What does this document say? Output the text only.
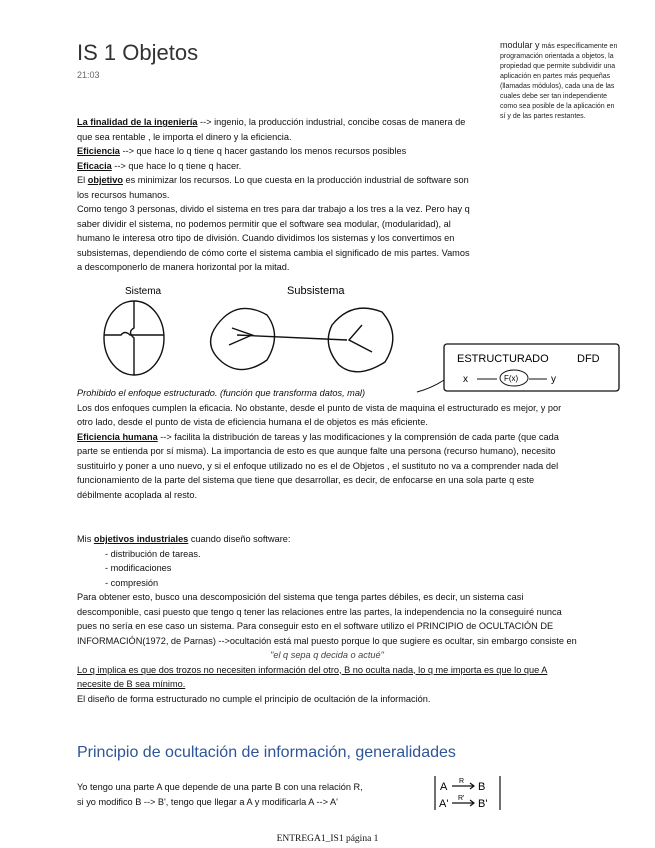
IS 1 Objetos
21:03
modular y más específicamente en programación orientada a objetos, la propiedad que permite subdividir una aplicación en partes más pequeñas (llamadas módulos), cada una de las cuales debe ser tan independiente como sea posible de la aplicación en sí y de las partes restantes.

La finalidad de la ingeniería --> ingenio, la producción industrial, concibe cosas de manera de que sea rentable , le importa el dinero y la eficiencia.

Eficiencia --> que hace lo q tiene q hacer gastando los menos recursos posibles

Eficacia --> que hace lo q tiene q hacer.

El objetivo es minimizar los recursos. Lo que cuesta en la producción industrial de software son los recursos humanos.

Como tengo 3 personas, divido el sistema en tres para dar trabajo a los tres a la vez. Pero hay q saber dividir el sistema, no podemos permitir que el software sea modular, (modularidad), al humano le interesa otro tipo de división. Cuando dividimos los sistemas y los convertimos en subsistemas, dependiendo de cómo corte el sistema cambia el significado de mis partes. Vamos a descomponerlo de manera horizontal por la mitad.

Sistema	Subsistema
ESTRUCTURADO	DFD
x	F(x)	y

Prohibido el enfoque estructurado. (función que transforma datos, mal)

Los dos enfoques cumplen la eficacia. No obstante, desde el punto de vista de maquina el estructurado es mejor, y por otro lado, desde el punto de vista de eficiencia humana el de objetos es más eficiente.

Eficiencia humana --> facilita la distribución de tareas y las modificaciones y la comprensión de cada parte (que cada parte se entienda por sí misma). La importancia de esto es que aunque falte una persona (recurso humano), necesito sustituirlo y poner a uno nuevo, y si el enfoque utilizado no es el de Objetos , el sustituto no va a comprender nada del funcionamiento de la parte del sistema que tiene que desarrollar, es decir, de enfocarse en una sola parte q este débilmente acoplada al resto.

Mis objetivos industriales cuando diseño software:

- distribución de tareas.

- modificaciones

- compresión

Para obtener esto, busco una descomposición del sistema que tenga partes débiles, es decir, un sistema casi descomponible, casi puesto que tengo q tener las relaciones entre las partes, la independencia no la conseguiré nunca pues no sería en ese caso un sistema. Para conseguir esto en el software utilizo el PRINCIPIO de OCULTACIÓN DE INFORMACIÓN(1972, de Parnas) -->ocultación está mal puesto porque lo que sugiere es ocultar, sin embargo consiste en

"el q sepa q decida o actué"

Lo q implica es que dos trozos no necesiten información del otro, B no oculta nada, lo q me importa es que lo que A necesite de B sea mínimo.

El diseño de forma estructurado no cumple el principio de ocultación de la información.

Principio de ocultación de información, generalidades

Yo tengo una parte A que depende de una parte B con una relación R,

si yo modifico B --> B', tengo que llegar a A y modificarla A --> A'

A R B
A' R' B'
ENTREGA1_IS1 página 1
